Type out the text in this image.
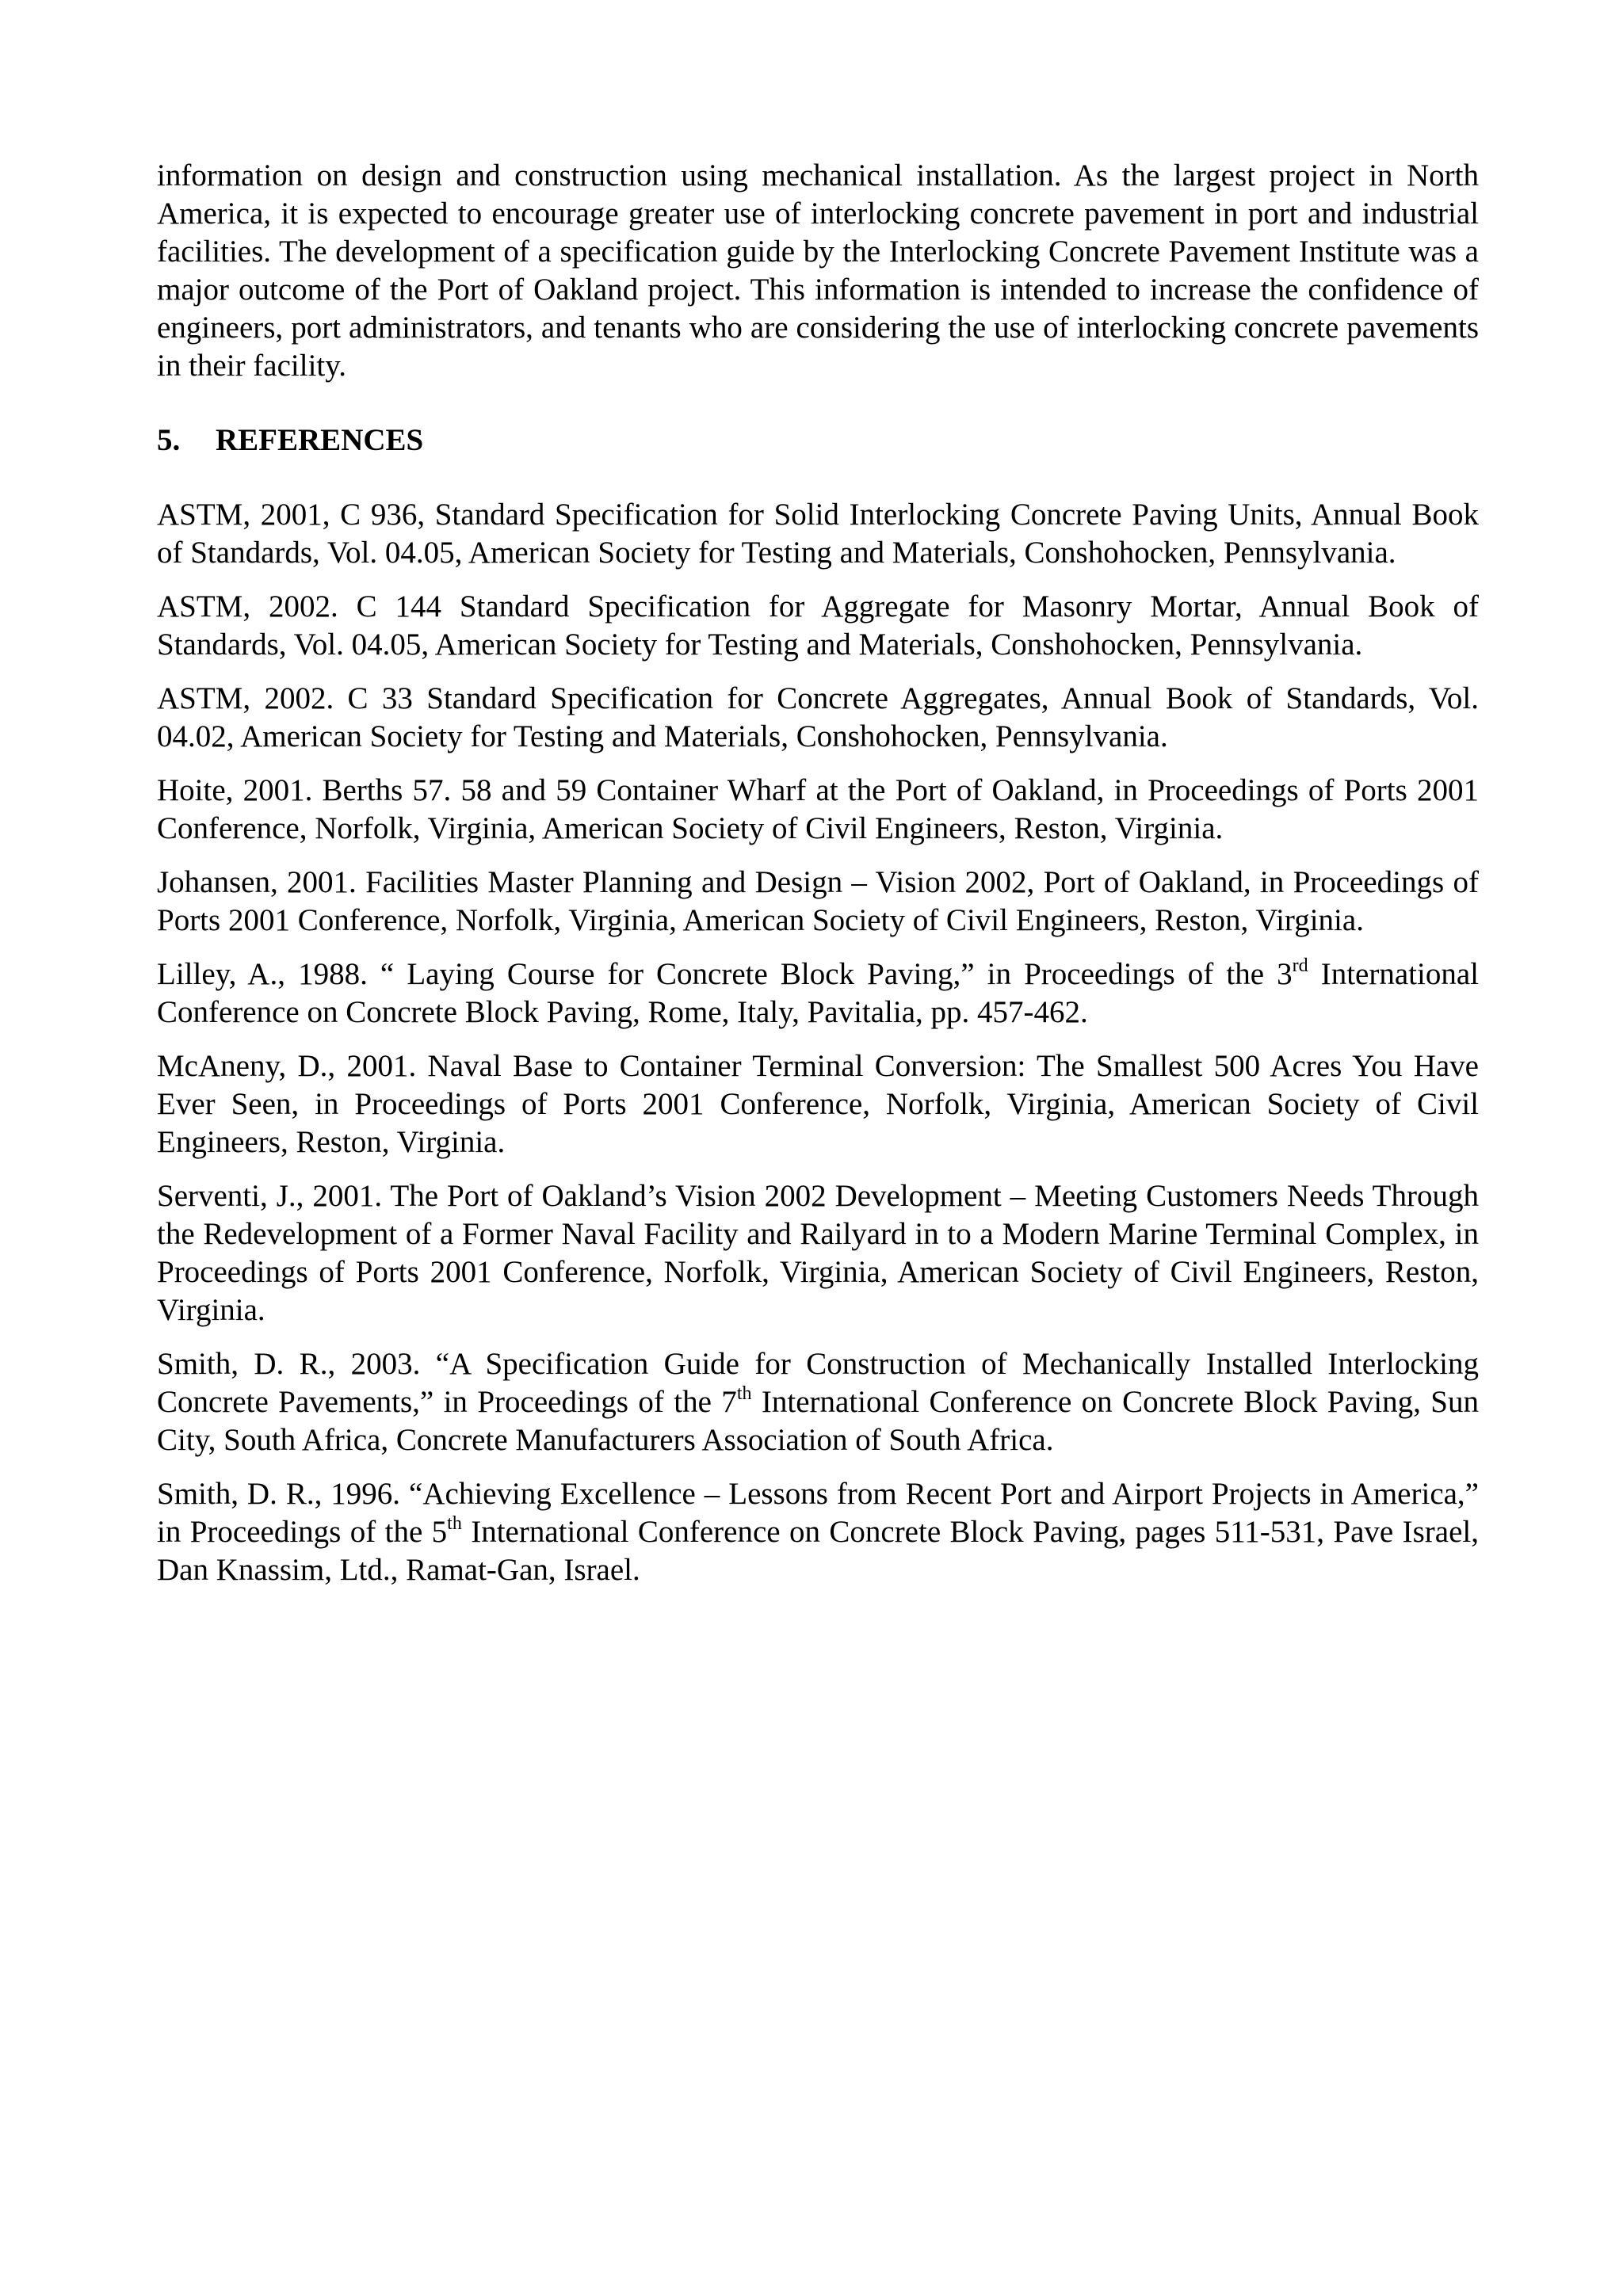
information on design and construction using mechanical installation. As the largest project in North America, it is expected to encourage greater use of interlocking concrete pavement in port and industrial facilities. The development of a specification guide by the Interlocking Concrete Pavement Institute was a major outcome of the Port of Oakland project. This information is intended to increase the confidence of engineers, port administrators, and tenants who are considering the use of interlocking concrete pavements in their facility.

5. REFERENCES

ASTM, 2001, C 936, Standard Specification for Solid Interlocking Concrete Paving Units, Annual Book of Standards, Vol. 04.05, American Society for Testing and Materials, Conshohocken, Pennsylvania.

ASTM, 2002. C 144 Standard Specification for Aggregate for Masonry Mortar, Annual Book of Standards, Vol. 04.05, American Society for Testing and Materials, Conshohocken, Pennsylvania.

ASTM, 2002. C 33 Standard Specification for Concrete Aggregates, Annual Book of Standards, Vol. 04.02, American Society for Testing and Materials, Conshohocken, Pennsylvania.

Hoite, 2001. Berths 57. 58 and 59 Container Wharf at the Port of Oakland, in Proceedings of Ports 2001 Conference, Norfolk, Virginia, American Society of Civil Engineers, Reston, Virginia.

Johansen, 2001. Facilities Master Planning and Design – Vision 2002, Port of Oakland, in Proceedings of Ports 2001 Conference, Norfolk, Virginia, American Society of Civil Engineers, Reston, Virginia.

Lilley, A., 1988. “ Laying Course for Concrete Block Paving,” in Proceedings of the 3rd International Conference on Concrete Block Paving, Rome, Italy, Pavitalia, pp. 457-462.

McAneny, D., 2001. Naval Base to Container Terminal Conversion: The Smallest 500 Acres You Have Ever Seen, in Proceedings of Ports 2001 Conference, Norfolk, Virginia, American Society of Civil Engineers, Reston, Virginia.

Serventi, J., 2001. The Port of Oakland’s Vision 2002 Development – Meeting Customers Needs Through the Redevelopment of a Former Naval Facility and Railyard in to a Modern Marine Terminal Complex, in Proceedings of Ports 2001 Conference, Norfolk, Virginia, American Society of Civil Engineers, Reston, Virginia.

Smith, D. R., 2003. “A Specification Guide for Construction of Mechanically Installed Interlocking Concrete Pavements,” in Proceedings of the 7th International Conference on Concrete Block Paving, Sun City, South Africa, Concrete Manufacturers Association of South Africa.

Smith, D. R., 1996. “Achieving Excellence – Lessons from Recent Port and Airport Projects in America,” in Proceedings of the 5th International Conference on Concrete Block Paving, pages 511-531, Pave Israel, Dan Knassim, Ltd., Ramat-Gan, Israel.
